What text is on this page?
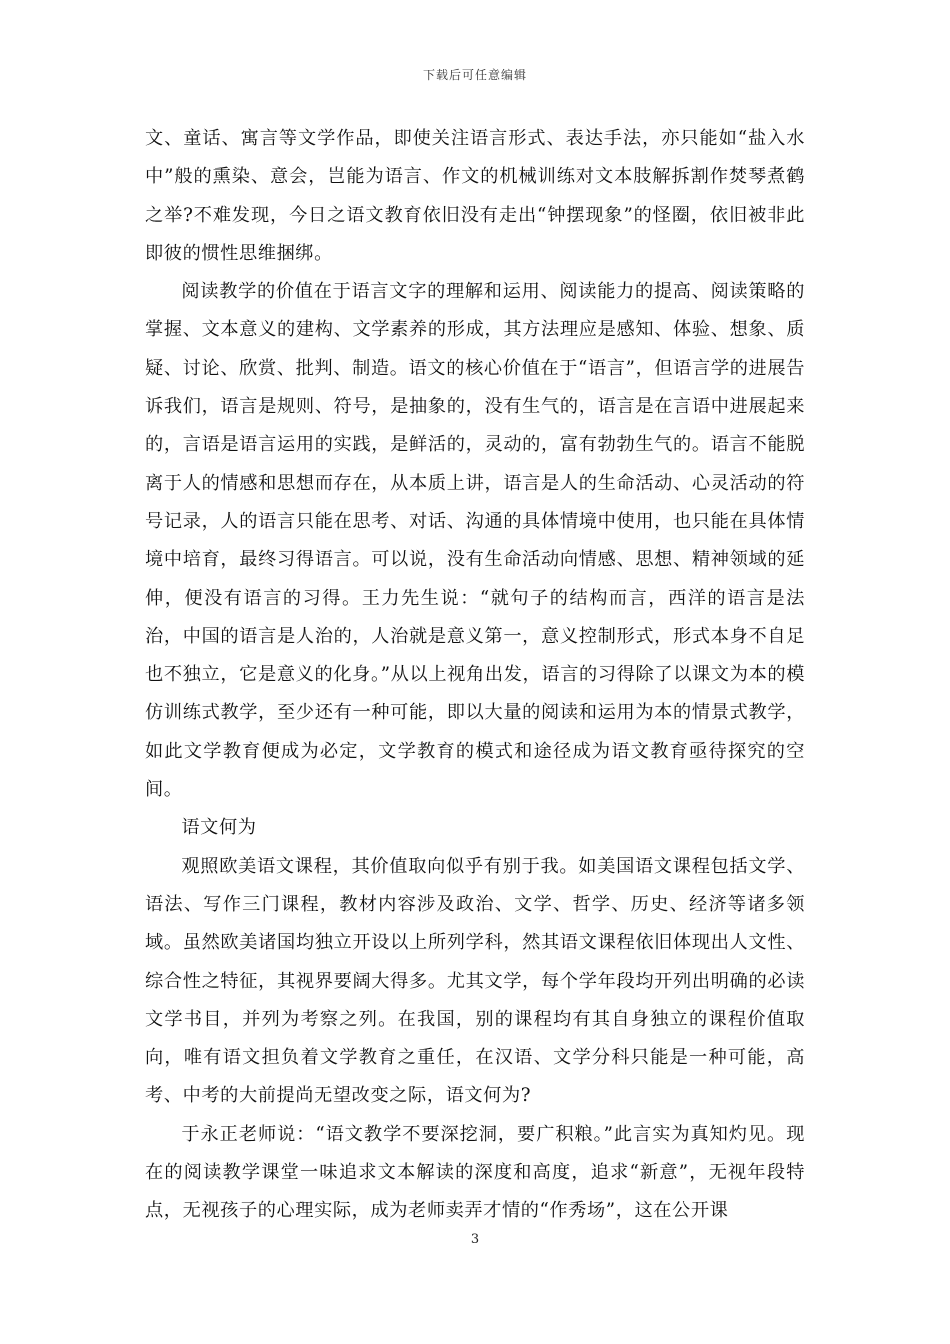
下载后可任意编辑

文、童话、寓言等文学作品，即使关注语言形式、表达手法，亦只能如“盐入水中”般的熏染、意会，岂能为语言、作文的机械训练对文本肢解拆割作焚琴煮鹤之举?不难发现，今日之语文教育依旧没有走出“钟摆现象”的怪圈，依旧被非此即彼的惯性思维捆绑。

阅读教学的价值在于语言文字的理解和运用、阅读能力的提高、阅读策略的掌握、文本意义的建构、文学素养的形成，其方法理应是感知、体验、想象、质疑、讨论、欣赏、批判、制造。语文的核心价值在于“语言”，但语言学的进展告诉我们，语言是规则、符号，是抽象的，没有生气的，语言是在言语中进展起来的，言语是语言运用的实践，是鲜活的，灵动的，富有勃勃生气的。语言不能脱离于人的情感和思想而存在，从本质上讲，语言是人的生命活动、心灵活动的符号记录，人的语言只能在思考、对话、沟通的具体情境中使用，也只能在具体情境中培育，最终习得语言。可以说，没有生命活动向情感、思想、精神领域的延伸，便没有语言的习得。王力先生说：“就句子的结构而言，西洋的语言是法治，中国的语言是人治的，人治就是意义第一，意义控制形式，形式本身不自足也不独立，它是意义的化身。”从以上视角出发，语言的习得除了以课文为本的模仿训练式教学，至少还有一种可能，即以大量的阅读和运用为本的情景式教学，如此文学教育便成为必定，文学教育的模式和途径成为语文教育亟待探究的空间。

语文何为

观照欧美语文课程，其价值取向似乎有别于我。如美国语文课程包括文学、语法、写作三门课程，教材内容涉及政治、文学、哲学、历史、经济等诸多领域。虽然欧美诸国均独立开设以上所列学科，然其语文课程依旧体现出人文性、综合性之特征，其视界要阔大得多。尤其文学，每个学年段均开列出明确的必读文学书目，并列为考察之列。在我国，别的课程均有其自身独立的课程价值取向，唯有语文担负着文学教育之重任，在汉语、文学分科只能是一种可能，高考、中考的大前提尚无望改变之际，语文何为?

于永正老师说：“语文教学不要深挖洞，要广积粮。”此言实为真知灼见。现在的阅读教学课堂一味追求文本解读的深度和高度，追求“新意”，无视年段特点，无视孩子的心理实际，成为老师卖弄才情的“作秀场”，这在公开课

3
